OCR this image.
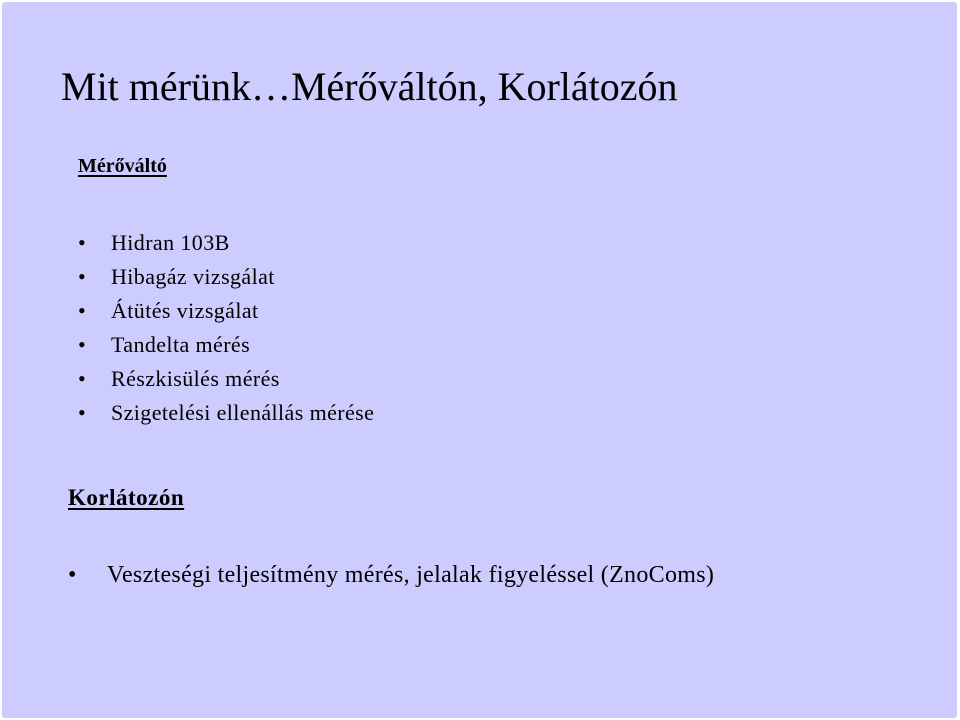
Mit mérünk…Mérőváltón, Korlátozón
Mérőváltó
• Hidran 103B
• Hibagáz vizsgálat
• Átütés vizsgálat
• Tandelta mérés
• Részkisülés mérés
• Szigetelési ellenállás mérése
Korlátozón
• Veszteségi teljesítmény mérés, jelalak figyeléssel (ZnoComs)
